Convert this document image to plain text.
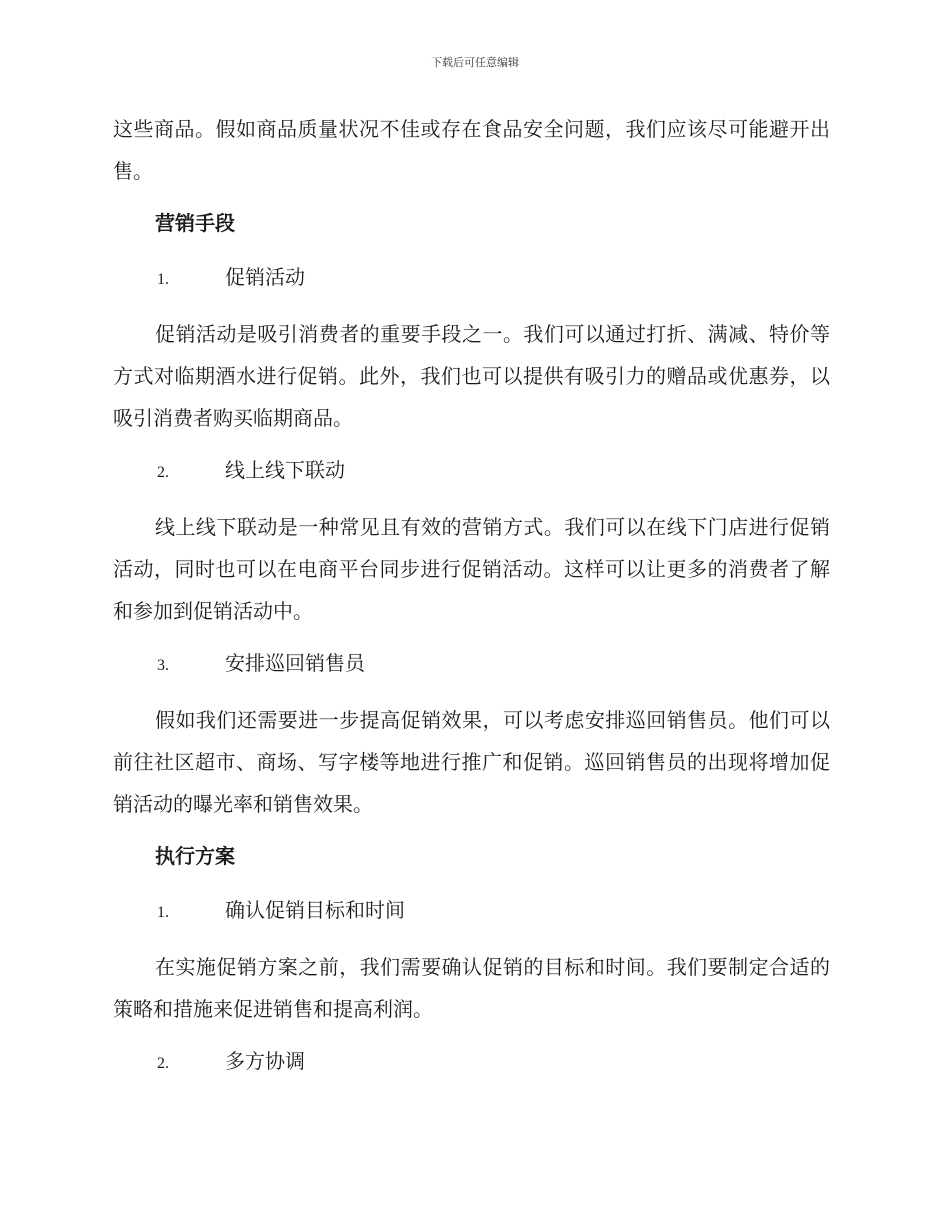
下载后可任意编辑

这些商品。假如商品质量状况不佳或存在食品安全问题，我们应该尽可能避开出售。

营销手段
1.	促销活动

促销活动是吸引消费者的重要手段之一。我们可以通过打折、满减、特价等方式对临期酒水进行促销。此外，我们也可以提供有吸引力的赠品或优惠券，以吸引消费者购买临期商品。

2.	线上线下联动

线上线下联动是一种常见且有效的营销方式。我们可以在线下门店进行促销活动，同时也可以在电商平台同步进行促销活动。这样可以让更多的消费者了解和参加到促销活动中。

3.	安排巡回销售员

假如我们还需要进一步提高促销效果，可以考虑安排巡回销售员。他们可以前往社区超市、商场、写字楼等地进行推广和促销。巡回销售员的出现将增加促销活动的曝光率和销售效果。

执行方案
1.	确认促销目标和时间

在实施促销方案之前，我们需要确认促销的目标和时间。我们要制定合适的策略和措施来促进销售和提高利润。

2.	多方协调
